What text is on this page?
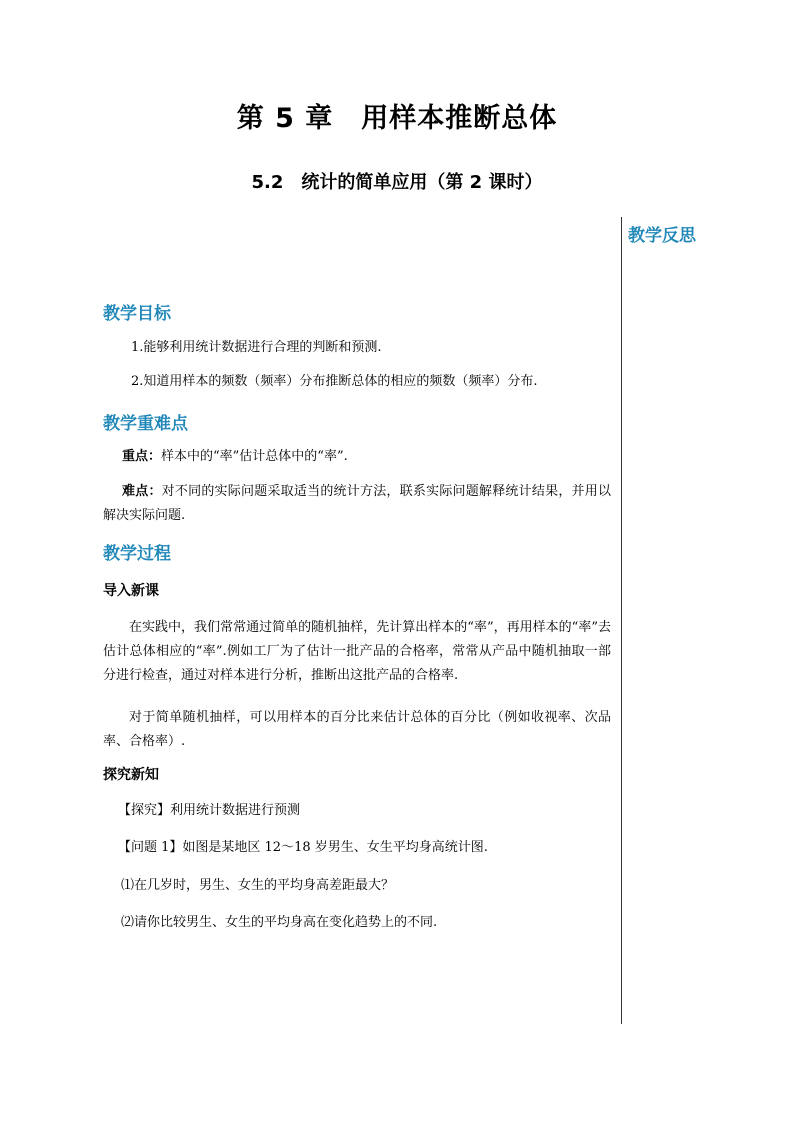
第 5 章　用样本推断总体
5.2　统计的简单应用（第 2 课时）
教学反思
教学目标
1.能够利用统计数据进行合理的判断和预测.
2.知道用样本的频数（频率）分布推断总体的相应的频数（频率）分布.
教学重难点
重点：样本中的“率”估计总体中的“率”.
难点：对不同的实际问题采取适当的统计方法，联系实际问题解释统计结果，并用以解决实际问题.
教学过程
导入新课
在实践中，我们常常通过简单的随机抽样，先计算出样本的“率”，再用样本的“率”去估计总体相应的“率”.例如工厂为了估计一批产品的合格率，常常从产品中随机抽取一部分进行检查，通过对样本进行分析，推断出这批产品的合格率.
对于简单随机抽样，可以用样本的百分比来估计总体的百分比（例如收视率、次品率、合格率）.
探究新知
【探究】利用统计数据进行预测
【问题 1】如图是某地区 12～18 岁男生、女生平均身高统计图.
⑴在几岁时，男生、女生的平均身高差距最大？
⑵请你比较男生、女生的平均身高在变化趋势上的不同.
